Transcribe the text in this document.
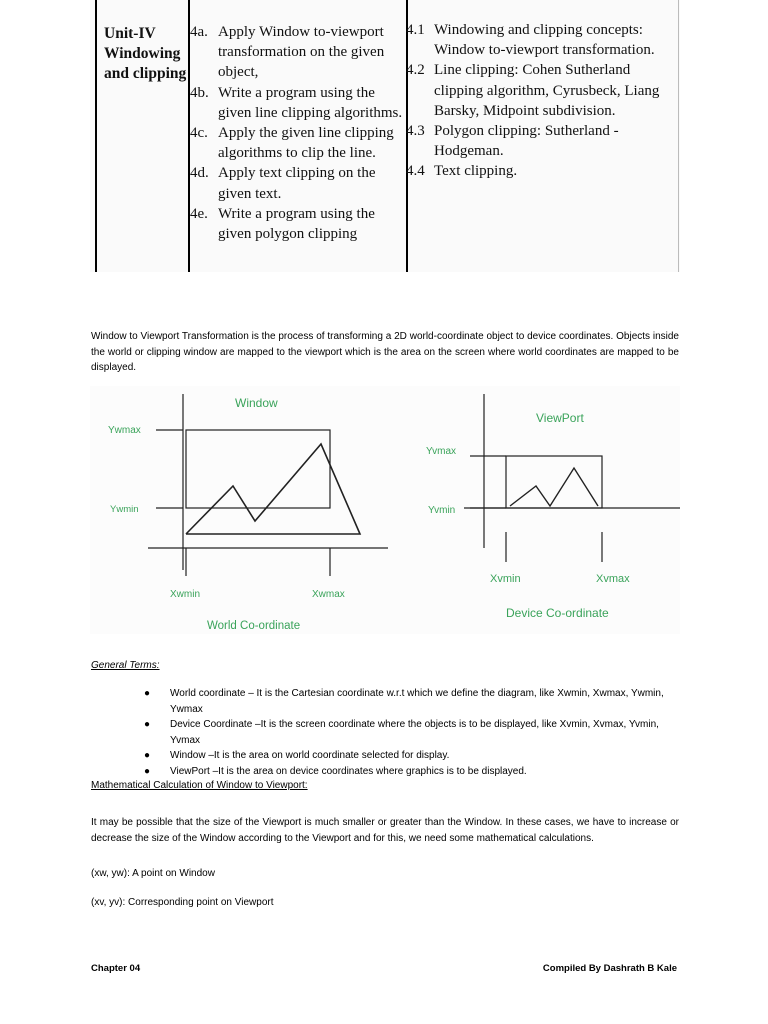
Unit-IV
Windowing
and clipping
4a. Apply Window to-viewport transformation on the given object,
4b. Write a program using the given line clipping algorithms.
4c. Apply the given line clipping algorithms to clip the line.
4d. Apply text clipping on the given text.
4e. Write a program using the given polygon clipping
4.1 Windowing and clipping concepts: Window to-viewport transformation.
4.2 Line clipping: Cohen Sutherland clipping algorithm, Cyrusbeck, Liang Barsky, Midpoint subdivision.
4.3 Polygon clipping: Sutherland -Hodgeman.
4.4 Text clipping.
Window to Viewport Transformation is the process of transforming a 2D world-coordinate object to device coordinates. Objects inside the world or clipping window are mapped to the viewport which is the area on the screen where world coordinates are mapped to be displayed.
Window
Ywmax
Ywmin
Xwmin	Xwmax
World Co-ordinate
ViewPort
Yvmax
Yvmin
Xvmin	Xvmax
Device Co-ordinate
General Terms:
● World coordinate – It is the Cartesian coordinate w.r.t which we define the diagram, like Xwmin, Xwmax, Ywmin, Ywmax
● Device Coordinate –It is the screen coordinate where the objects is to be displayed, like Xvmin, Xvmax, Yvmin, Yvmax
● Window –It is the area on world coordinate selected for display.
● ViewPort –It is the area on device coordinates where graphics is to be displayed.
Mathematical Calculation of Window to Viewport:
It may be possible that the size of the Viewport is much smaller or greater than the Window. In these cases, we have to increase or decrease the size of the Window according to the Viewport and for this, we need some mathematical calculations.
(xw, yw): A point on Window
(xv, yv): Corresponding point on Viewport
Chapter 04	Compiled By Dashrath B Kale
